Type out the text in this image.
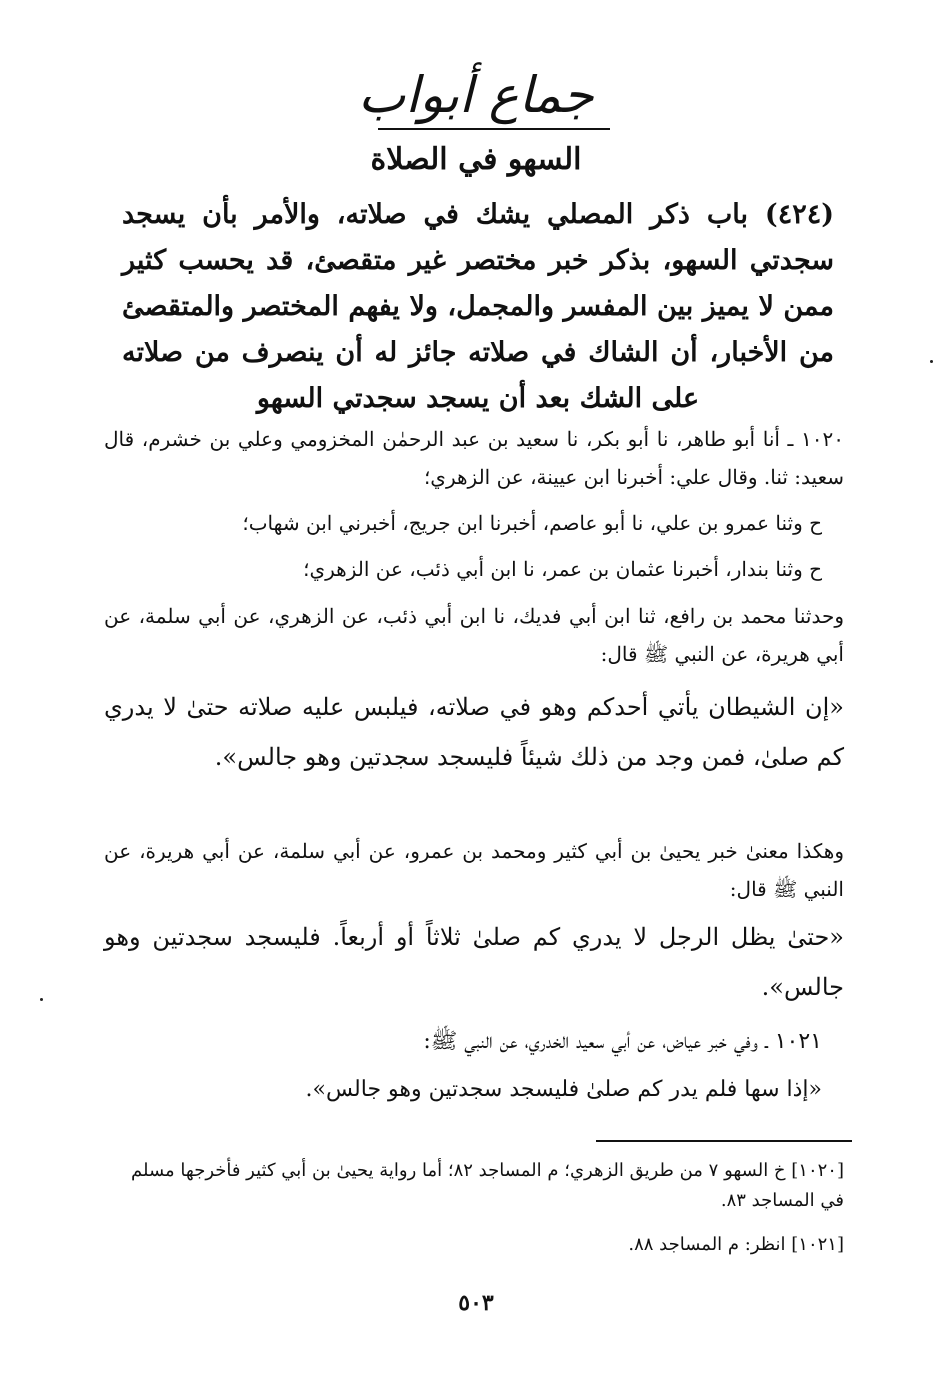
جماع أبواب
السهو في الصلاة
(٤٢٤) باب ذكر المصلي يشك في صلاته، والأمر بأن يسجد سجدتي السهو، بذكر خبر مختصر غير متقصئ، قد يحسب كثير ممن لا يميز بين المفسر والمجمل، ولا يفهم المختصر والمتقصئ من الأخبار، أن الشاك في صلاته جائز له أن ينصرف من صلاته على الشك بعد أن يسجد سجدتي السهو
١٠٢٠ ـ أنا أبو طاهر، نا أبو بكر، نا سعيد بن عبد الرحمٰن المخزومي وعلي بن خشرم، قال سعيد: ثنا. وقال علي: أخبرنا ابن عيينة، عن الزهري؛
ح وثنا عمرو بن علي، نا أبو عاصم، أخبرنا ابن جريج، أخبرني ابن شهاب؛
ح وثنا بندار، أخبرنا عثمان بن عمر، نا ابن أبي ذئب، عن الزهري؛
وحدثنا محمد بن رافع، ثنا ابن أبي فديك، نا ابن أبي ذئب، عن الزهري، عن أبي سلمة، عن أبي هريرة، عن النبي ﷺ قال:
«إن الشيطان يأتي أحدكم وهو في صلاته، فيلبس عليه صلاته حتىٰ لا يدري كم صلىٰ، فمن وجد من ذلك شيئاً فليسجد سجدتين وهو جالس».
وهكذا معنىٰ خبر يحيىٰ بن أبي كثير ومحمد بن عمرو، عن أبي سلمة، عن أبي هريرة، عن النبي ﷺ قال:
«حتىٰ يظل الرجل لا يدري كم صلىٰ ثلاثاً أو أربعاً. فليسجد سجدتين وهو جالس».
١٠٢١ ـ وفي خبر عياض، عن أبي سعيد الخدري، عن النبي ﷺ:
«إذا سها فلم يدر كم صلىٰ فليسجد سجدتين وهو جالس».
[١٠٢٠] خ السهو ٧ من طريق الزهري؛ م المساجد ٨٢؛ أما رواية يحيىٰ بن أبي كثير فأخرجها مسلم في المساجد ٨٣.
[١٠٢١] انظر: م المساجد ٨٨.
٥٠٣
